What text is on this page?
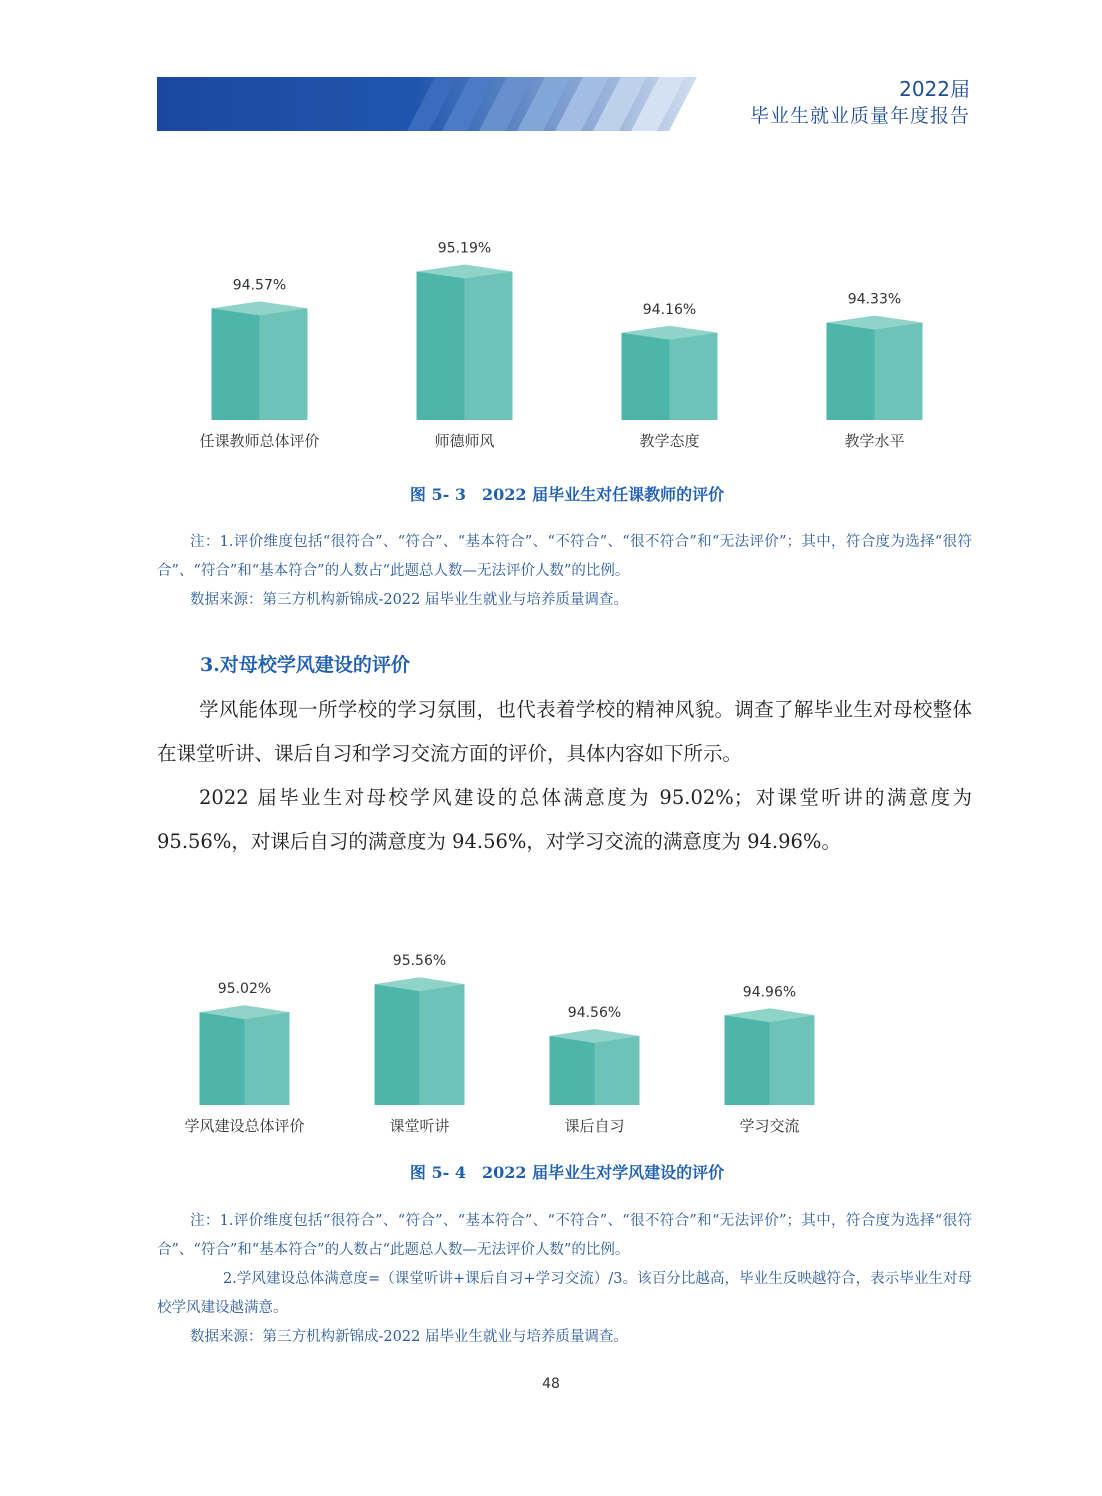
2022届
毕业生就业质量年度报告
94.57%
任课教师总体评价
95.19%
师德师风
94.16%
教学态度
94.33%
教学水平
图 5- 3　2022 届毕业生对任课教师的评价

注：1.评价维度包括“很符合”、“符合”、“基本符合”、“不符合”、“很不符合”和“无法评价”；其中，符合度为选择“很符合”、“符合”和“基本符合”的人数占“此题总人数—无法评价人数”的比例。

数据来源：第三方机构新锦成-2022 届毕业生就业与培养质量调查。

3.对母校学风建设的评价

学风能体现一所学校的学习氛围，也代表着学校的精神风貌。调查了解毕业生对母校整体在课堂听讲、课后自习和学习交流方面的评价，具体内容如下所示。

2022 届毕业生对母校学风建设的总体满意度为 95.02%；对课堂听讲的满意度为 95.56%，对课后自习的满意度为 94.56%，对学习交流的满意度为 94.96%。

95.02%
学风建设总体评价
95.56%
课堂听讲
94.56%
课后自习
94.96%
学习交流
图 5- 4　2022 届毕业生对学风建设的评价

注：1.评价维度包括“很符合”、“符合”、“基本符合”、“不符合”、“很不符合”和“无法评价”；其中，符合度为选择“很符合”、“符合”和“基本符合”的人数占“此题总人数—无法评价人数”的比例。

2.学风建设总体满意度=（课堂听讲+课后自习+学习交流）/3。该百分比越高，毕业生反映越符合，表示毕业生对母校学风建设越满意。

数据来源：第三方机构新锦成-2022 届毕业生就业与培养质量调查。

48
